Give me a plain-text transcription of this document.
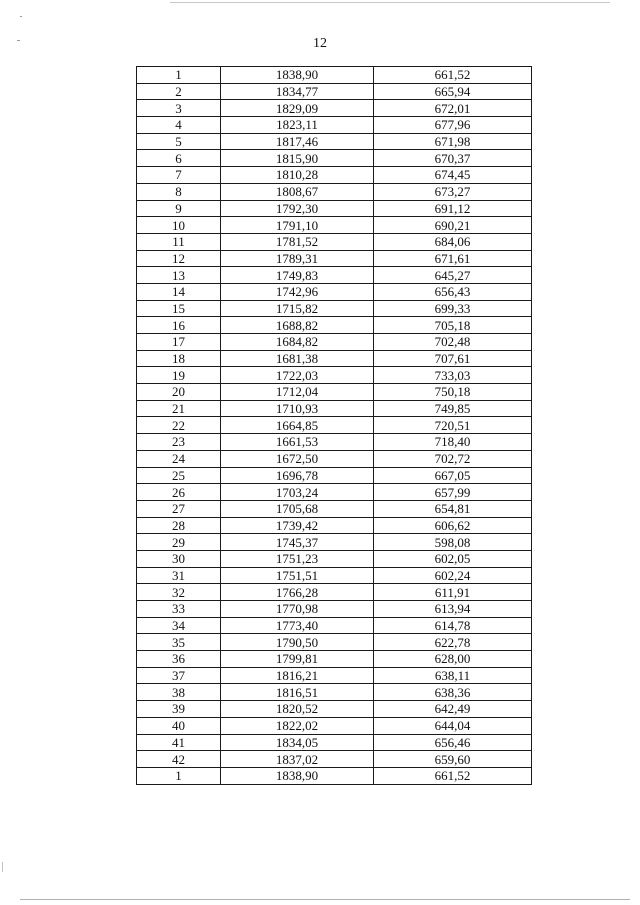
12
1	1838,90	661,52
2	1834,77	665,94
3	1829,09	672,01
4	1823,11	677,96
5	1817,46	671,98
6	1815,90	670,37
7	1810,28	674,45
8	1808,67	673,27
9	1792,30	691,12
10	1791,10	690,21
11	1781,52	684,06
12	1789,31	671,61
13	1749,83	645,27
14	1742,96	656,43
15	1715,82	699,33
16	1688,82	705,18
17	1684,82	702,48
18	1681,38	707,61
19	1722,03	733,03
20	1712,04	750,18
21	1710,93	749,85
22	1664,85	720,51
23	1661,53	718,40
24	1672,50	702,72
25	1696,78	667,05
26	1703,24	657,99
27	1705,68	654,81
28	1739,42	606,62
29	1745,37	598,08
30	1751,23	602,05
31	1751,51	602,24
32	1766,28	611,91
33	1770,98	613,94
34	1773,40	614,78
35	1790,50	622,78
36	1799,81	628,00
37	1816,21	638,11
38	1816,51	638,36
39	1820,52	642,49
40	1822,02	644,04
41	1834,05	656,46
42	1837,02	659,60
1	1838,90	661,52
